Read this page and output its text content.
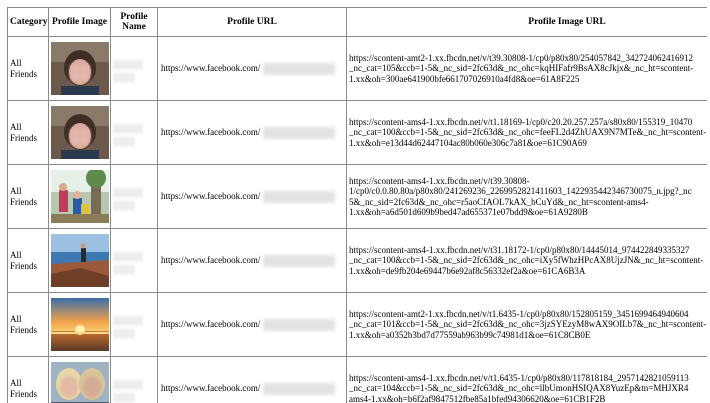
Category	Profile Image	Profile Name	Profile URL	Profile Image URL
All Friends			https://www.facebook.com/	https://scontent-amt2-1.xx.fbcdn.net/v/t39.30808-1/cp0/p80x80/254057842_342724062416912
_nc_cat=105&ccb=1-5&_nc_sid=2fc63d&_nc_ohc=kqHIFafr9BsAX8cJkjx&_nc_ht=scontent-
1.xx&oh=300ae641900bfe661707026910a4fd8&oe=61A8F225

All Friends			https://www.facebook.com/	https://scontent-ams4-1.xx.fbcdn.net/v/t1.18169-1/cp0/c20.20.257.257a/s80x80/155319_10470
_nc_cat=100&ccb=1-5&_nc_sid=2fc63d&_nc_ohc=feeFL2d4ZhUAX9N7MTe&_nc_ht=scontent-
1.xx&oh=e13d44d62447104ac80b060e306c7a81&oe=61C90A69

All Friends			https://www.facebook.com/	https://scontent-ams4-1.xx.fbcdn.net/v/t39.30808-
1/cp0/c0.0.80.80a/p80x80/241269236_2269952821411603_1422935442346730075_n.jpg?_nc
5&_nc_sid=2fc63d&_nc_ohc=r5aoCfAOL7kAX_bCuYd&_nc_ht=scontent-ams4-
1.xx&oh=a6d501d609b9bed47ad655371e07bdd9&oe=61A9280B

All Friends			https://www.facebook.com/	https://scontent-ams4-1.xx.fbcdn.net/v/t31.18172-1/cp0/p80x80/14445014_974422849335327
_nc_cat=100&ccb=1-5&_nc_sid=2fc63d&_nc_ohc=iXy5fWhzHPcAX8UjzJN&_nc_ht=scontent-
1.xx&oh=de9fb204e69447b6e92af8c56332ef2a&oe=61CA6B3A

All Friends			https://www.facebook.com/	https://scontent-amt2-1.xx.fbcdn.net/v/t1.6435-1/cp0/p80x80/152805159_3451699464940604
_nc_cat=101&ccb=1-5&_nc_sid=2fc63d&_nc_ohc=3jzSYEzyM8wAX9OILb7&_nc_ht=scontent-
1.xx&oh=a0352b3bd7d77559ab963b99c74981d1&oe=61C8CB0E

All Friends			https://www.facebook.com/	https://scontent-ams4-1.xx.fbcdn.net/v/t1.6435-1/cp0/p80x80/117818184_2957142821059113
_nc_cat=104&ccb=1-5&_nc_sid=2fc63d&_nc_ohc=llbUmonHSIQAX8YuzEp&tn=MHJXR4
ams4-1.xx&oh=b6f2af9847512fbe85a1bfed94306620&oe=61CB1F2B
